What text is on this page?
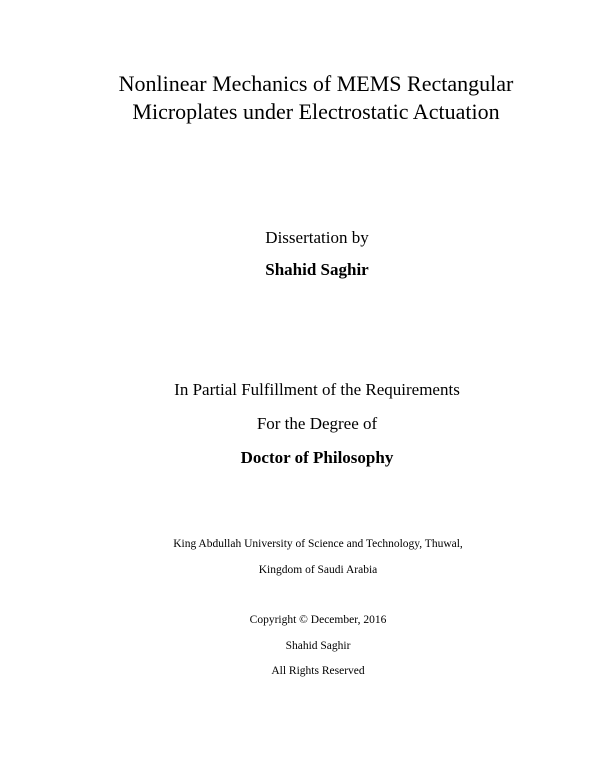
Nonlinear Mechanics of MEMS Rectangular
Microplates under Electrostatic Actuation
Dissertation by
Shahid Saghir
In Partial Fulfillment of the Requirements
For the Degree of
Doctor of Philosophy
King Abdullah University of Science and Technology, Thuwal,
Kingdom of Saudi Arabia
Copyright © December, 2016
Shahid Saghir
All Rights Reserved
